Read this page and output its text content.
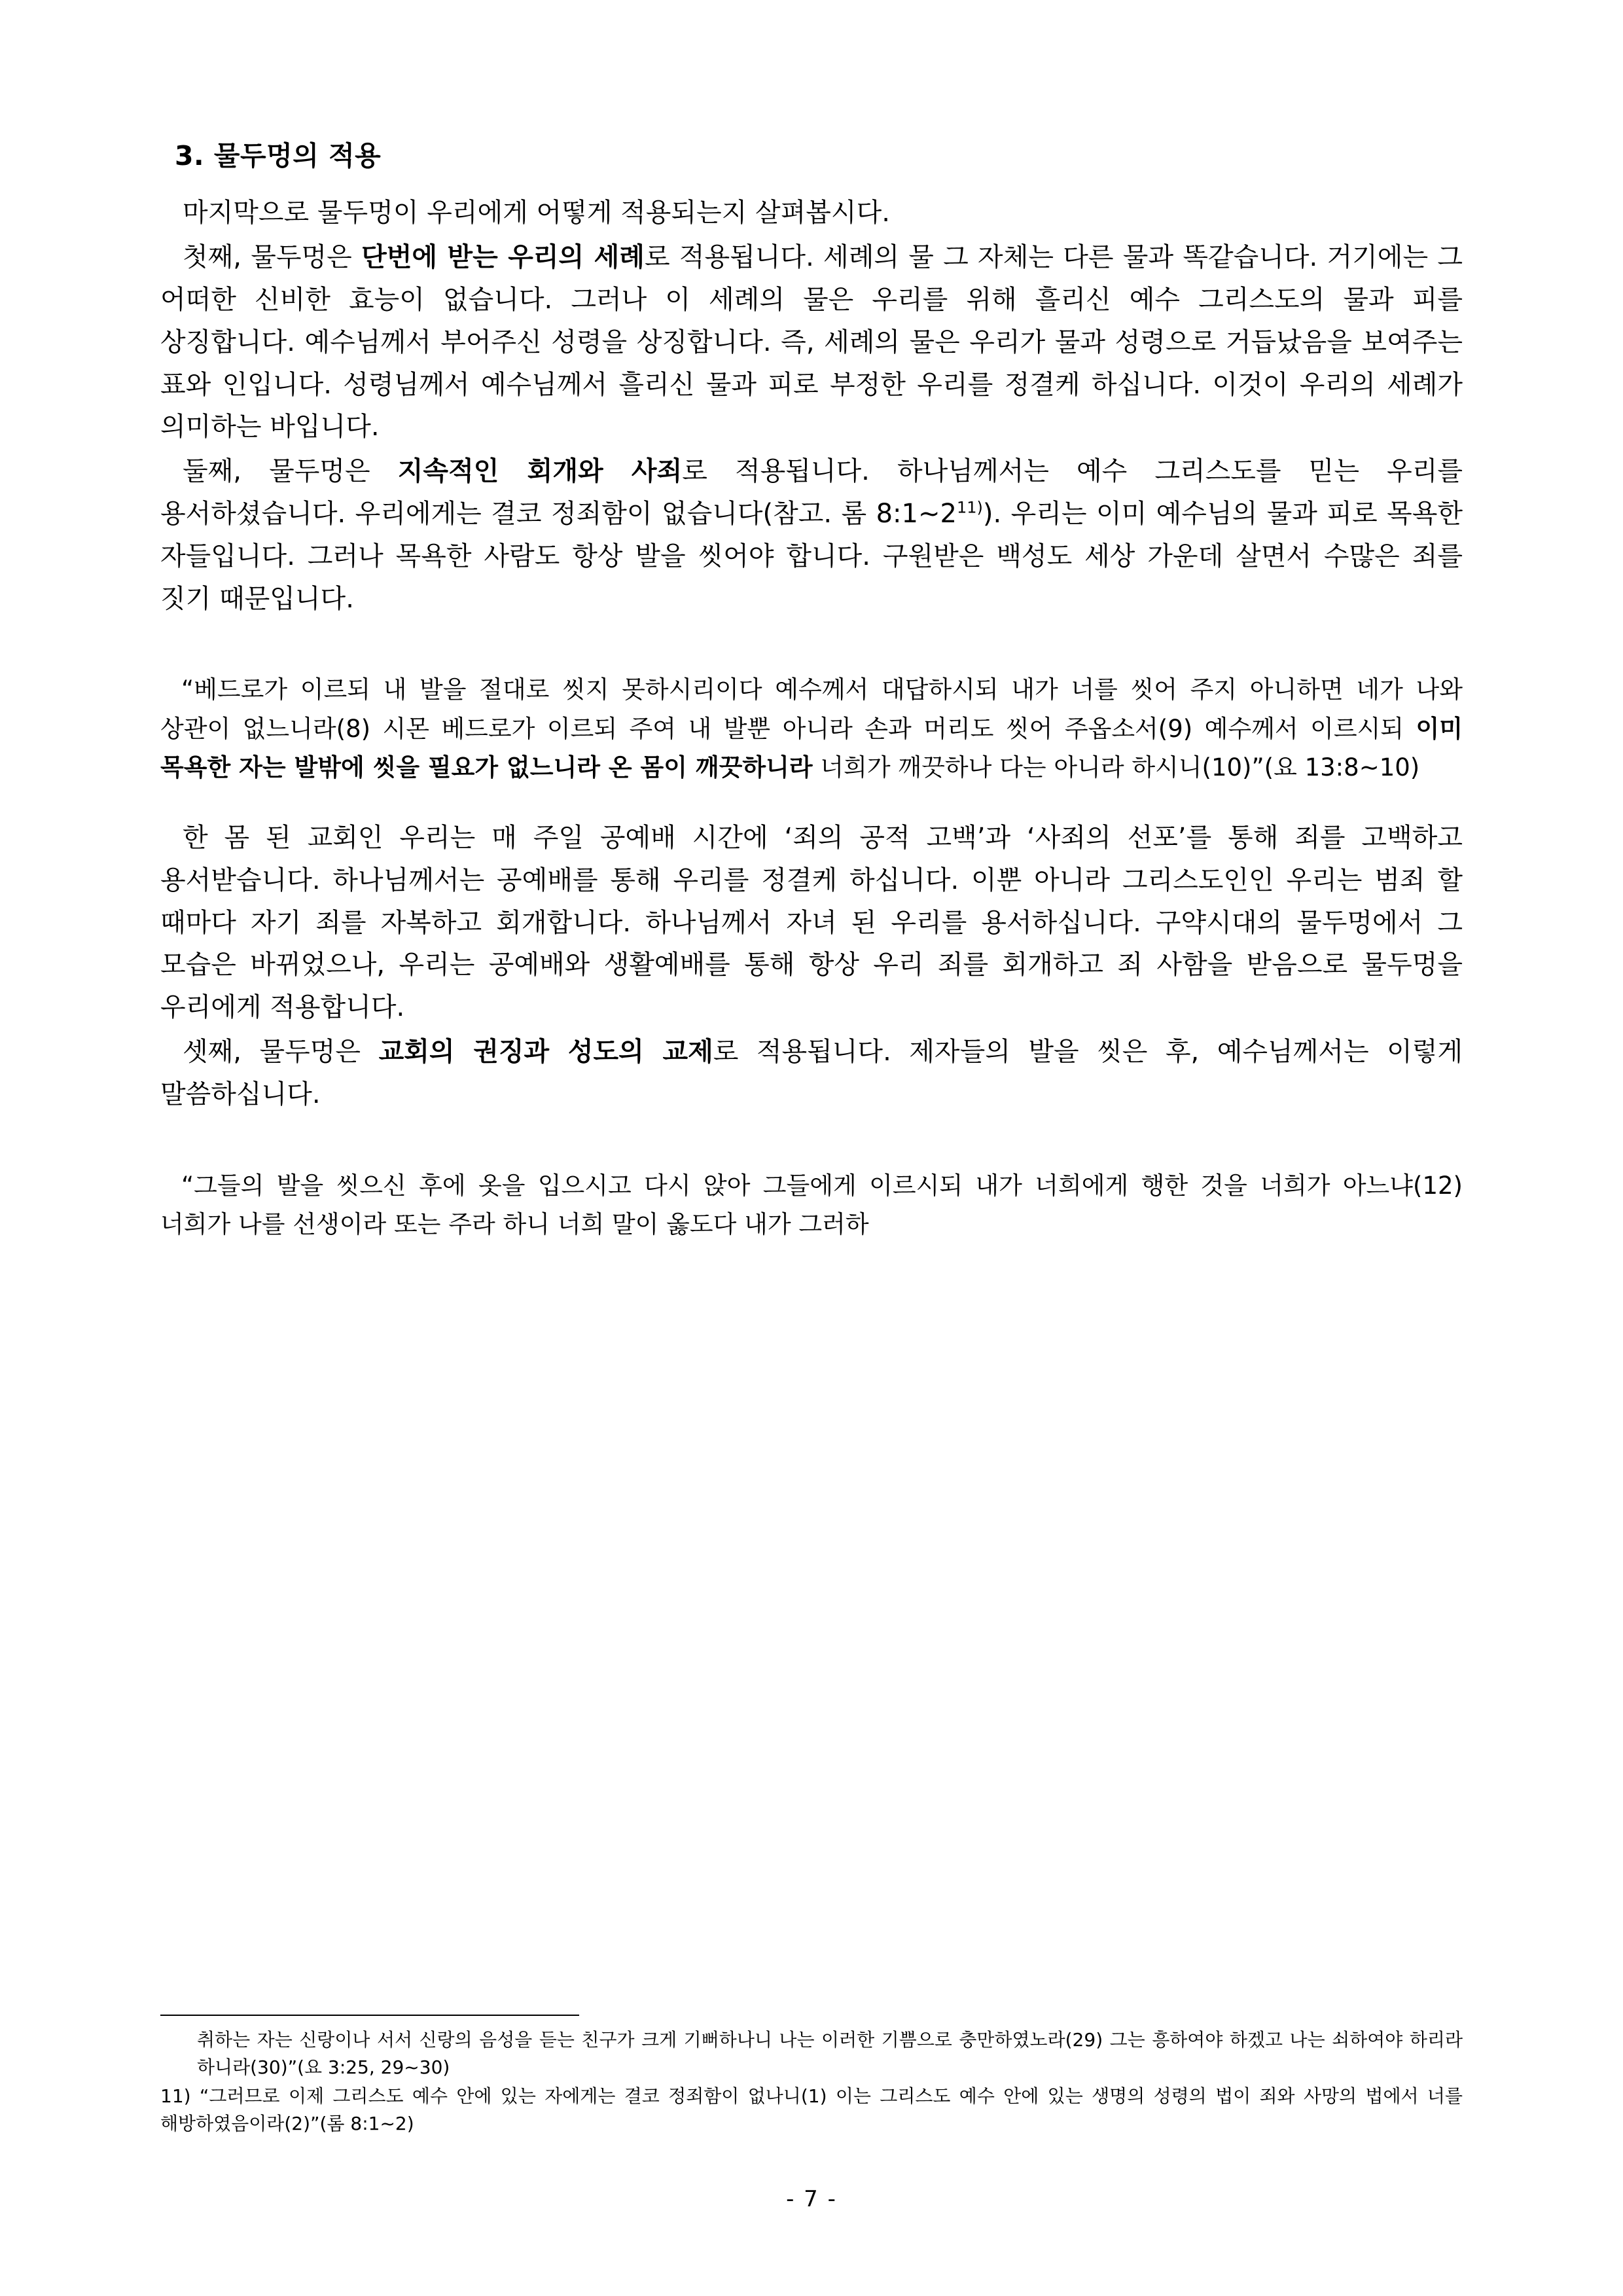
3. 물두멍의 적용

마지막으로 물두멍이 우리에게 어떻게 적용되는지 살펴봅시다.

첫째, 물두멍은 단번에 받는 우리의 세례로 적용됩니다. 세례의 물 그 자체는 다른 물과 똑같습니다. 거기에는 그 어떠한 신비한 효능이 없습니다. 그러나 이 세례의 물은 우리를 위해 흘리신 예수 그리스도의 물과 피를 상징합니다. 예수님께서 부어주신 성령을 상징합니다. 즉, 세례의 물은 우리가 물과 성령으로 거듭났음을 보여주는 표와 인입니다. 성령님께서 예수님께서 흘리신 물과 피로 부정한 우리를 정결케 하십니다. 이것이 우리의 세례가 의미하는 바입니다.

둘째, 물두멍은 지속적인 회개와 사죄로 적용됩니다. 하나님께서는 예수 그리스도를 믿는 우리를 용서하셨습니다. 우리에게는 결코 정죄함이 없습니다(참고. 롬 8:1~2$^{11)}$). 우리는 이미 예수님의 물과 피로 목욕한 자들입니다. 그러나 목욕한 사람도 항상 발을 씻어야 합니다. 구원받은 백성도 세상 가운데 살면서 수많은 죄를 짓기 때문입니다.

“베드로가 이르되 내 발을 절대로 씻지 못하시리이다 예수께서 대답하시되 내가 너를 씻어 주지 아니하면 네가 나와 상관이 없느니라(8) 시몬 베드로가 이르되 주여 내 발뿐 아니라 손과 머리도 씻어 주옵소서(9) 예수께서 이르시되 이미 목욕한 자는 발밖에 씻을 필요가 없느니라 온 몸이 깨끗하니라 너희가 깨끗하나 다는 아니라 하시니(10)”(요 13:8~10)

한 몸 된 교회인 우리는 매 주일 공예배 시간에 ‘죄의 공적 고백’과 ‘사죄의 선포’를 통해 죄를 고백하고 용서받습니다. 하나님께서는 공예배를 통해 우리를 정결케 하십니다. 이뿐 아니라 그리스도인인 우리는 범죄 할 때마다 자기 죄를 자복하고 회개합니다. 하나님께서 자녀 된 우리를 용서하십니다. 구약시대의 물두멍에서 그 모습은 바뀌었으나, 우리는 공예배와 생활예배를 통해 항상 우리 죄를 회개하고 죄 사함을 받음으로 물두멍을 우리에게 적용합니다.

셋째, 물두멍은 교회의 권징과 성도의 교제로 적용됩니다. 제자들의 발을 씻은 후, 예수님께서는 이렇게 말씀하십니다.

“그들의 발을 씻으신 후에 옷을 입으시고 다시 앉아 그들에게 이르시되 내가 너희에게 행한 것을 너희가 아느냐(12) 너희가 나를 선생이라 또는 주라 하니 너희 말이 옳도다 내가 그러하

취하는 자는 신랑이나 서서 신랑의 음성을 듣는 친구가 크게 기뻐하나니 나는 이러한 기쁨으로 충만하였노라(29) 그는 흥하여야 하겠고 나는 쇠하여야 하리라 하니라(30)”(요 3:25, 29~30)

11) “그러므로 이제 그리스도 예수 안에 있는 자에게는 결코 정죄함이 없나니(1) 이는 그리스도 예수 안에 있는 생명의 성령의 법이 죄와 사망의 법에서 너를 해방하였음이라(2)”(롬 8:1~2)

- 7 -
